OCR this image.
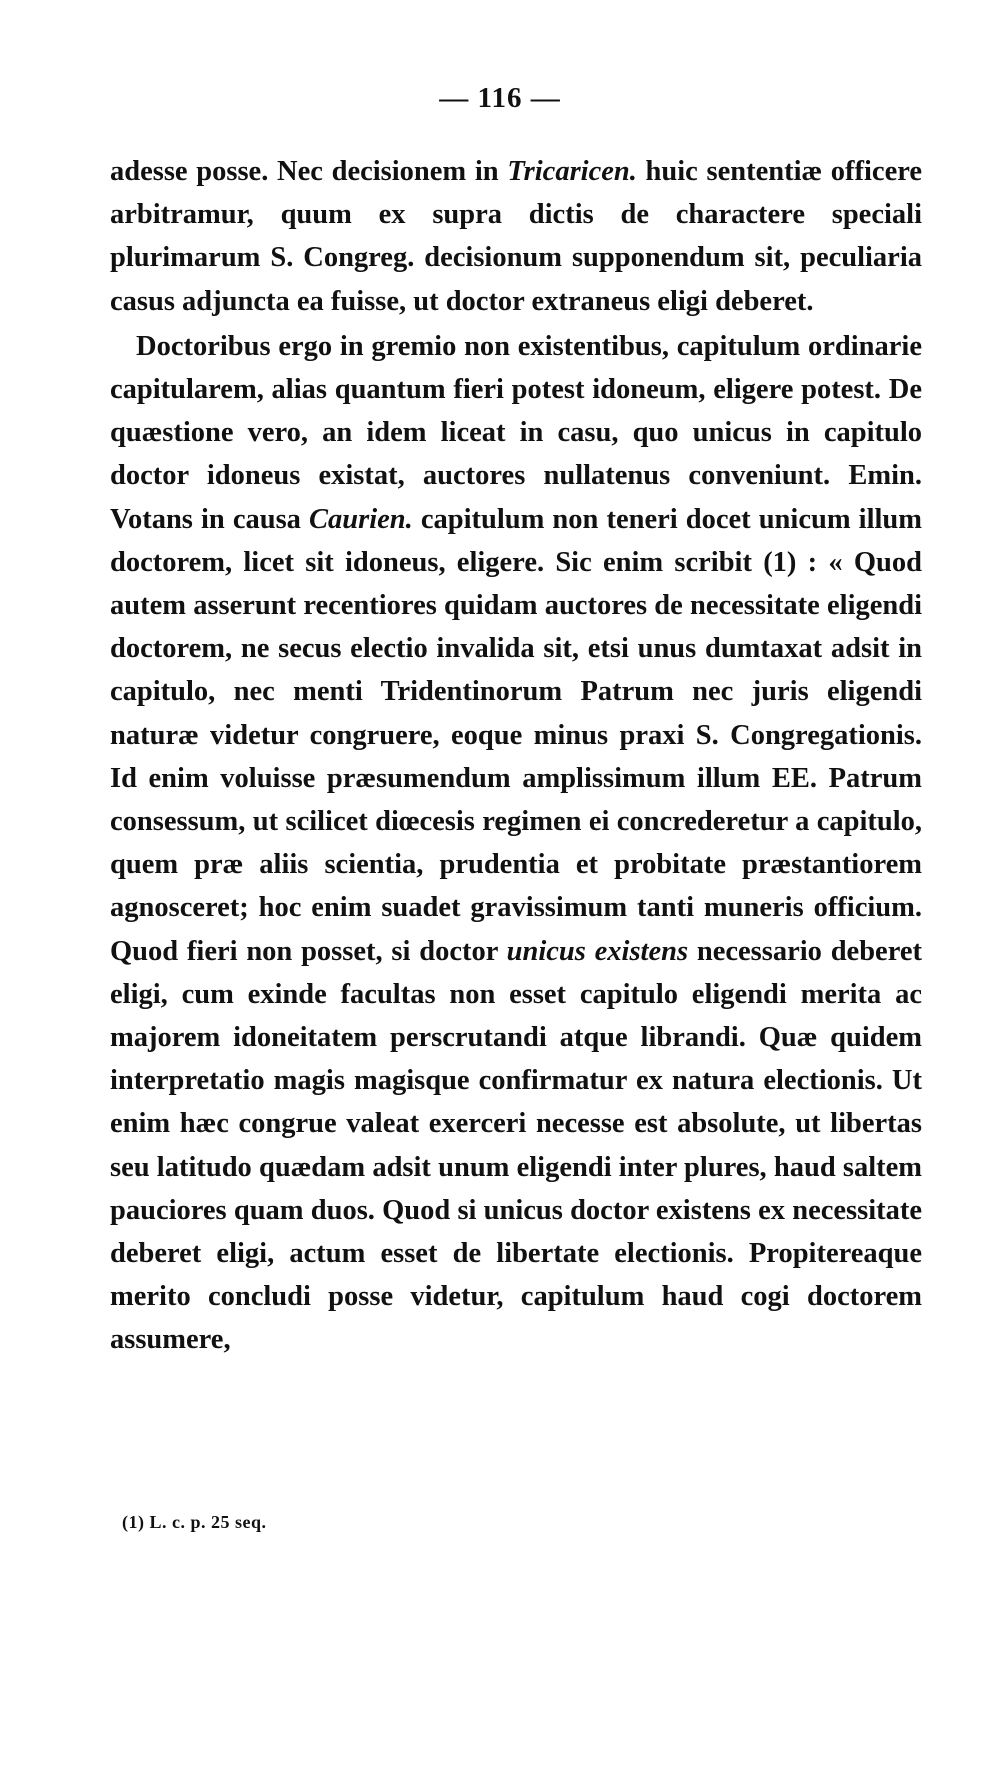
— 116 —

adesse posse. Nec decisionem in Tricaricen. huic sententiæ officere arbitramur, quum ex supra dictis de charactere speciali plurimarum S. Congreg. decisionum supponendum sit, peculiaria casus adjuncta ea fuisse, ut doctor extraneus eligi deberet.

Doctoribus ergo in gremio non existentibus, capitulum ordinarie capitularem, alias quantum fieri potest idoneum, eligere potest. De quæstione vero, an idem liceat in casu, quo unicus in capitulo doctor idoneus existat, auctores nullatenus conveniunt. Emin. Votans in causa Caurien. capitulum non teneri docet unicum illum doctorem, licet sit idoneus, eligere. Sic enim scribit (1) : « Quod autem asserunt recentiores quidam auctores de necessitate eligendi doctorem, ne secus electio invalida sit, etsi unus dumtaxat adsit in capitulo, nec menti Tridentinorum Patrum nec juris eligendi naturæ videtur congruere, eoque minus praxi S. Congregationis. Id enim voluisse præsumendum amplissimum illum EE. Patrum consessum, ut scilicet diœcesis regimen ei concrederetur a capitulo, quem præ aliis scientia, prudentia et probitate præstantiorem agnosceret; hoc enim suadet gravissimum tanti muneris officium. Quod fieri non posset, si doctor unicus existens necessario deberet eligi, cum exinde facultas non esset capitulo eligendi merita ac majorem idoneitatem perscrutandi atque librandi. Quæ quidem interpretatio magis magisque confirmatur ex natura electionis. Ut enim hæc congrue valeat exerceri necesse est absolute, ut libertas seu latitudo quædam adsit unum eligendi inter plures, haud saltem pauciores quam duos. Quod si unicus doctor existens ex necessitate deberet eligi, actum esset de libertate electionis. Propitereaque merito concludi posse videtur, capitulum haud cogi doctorem assumere,

(1) L. c. p. 25 seq.
